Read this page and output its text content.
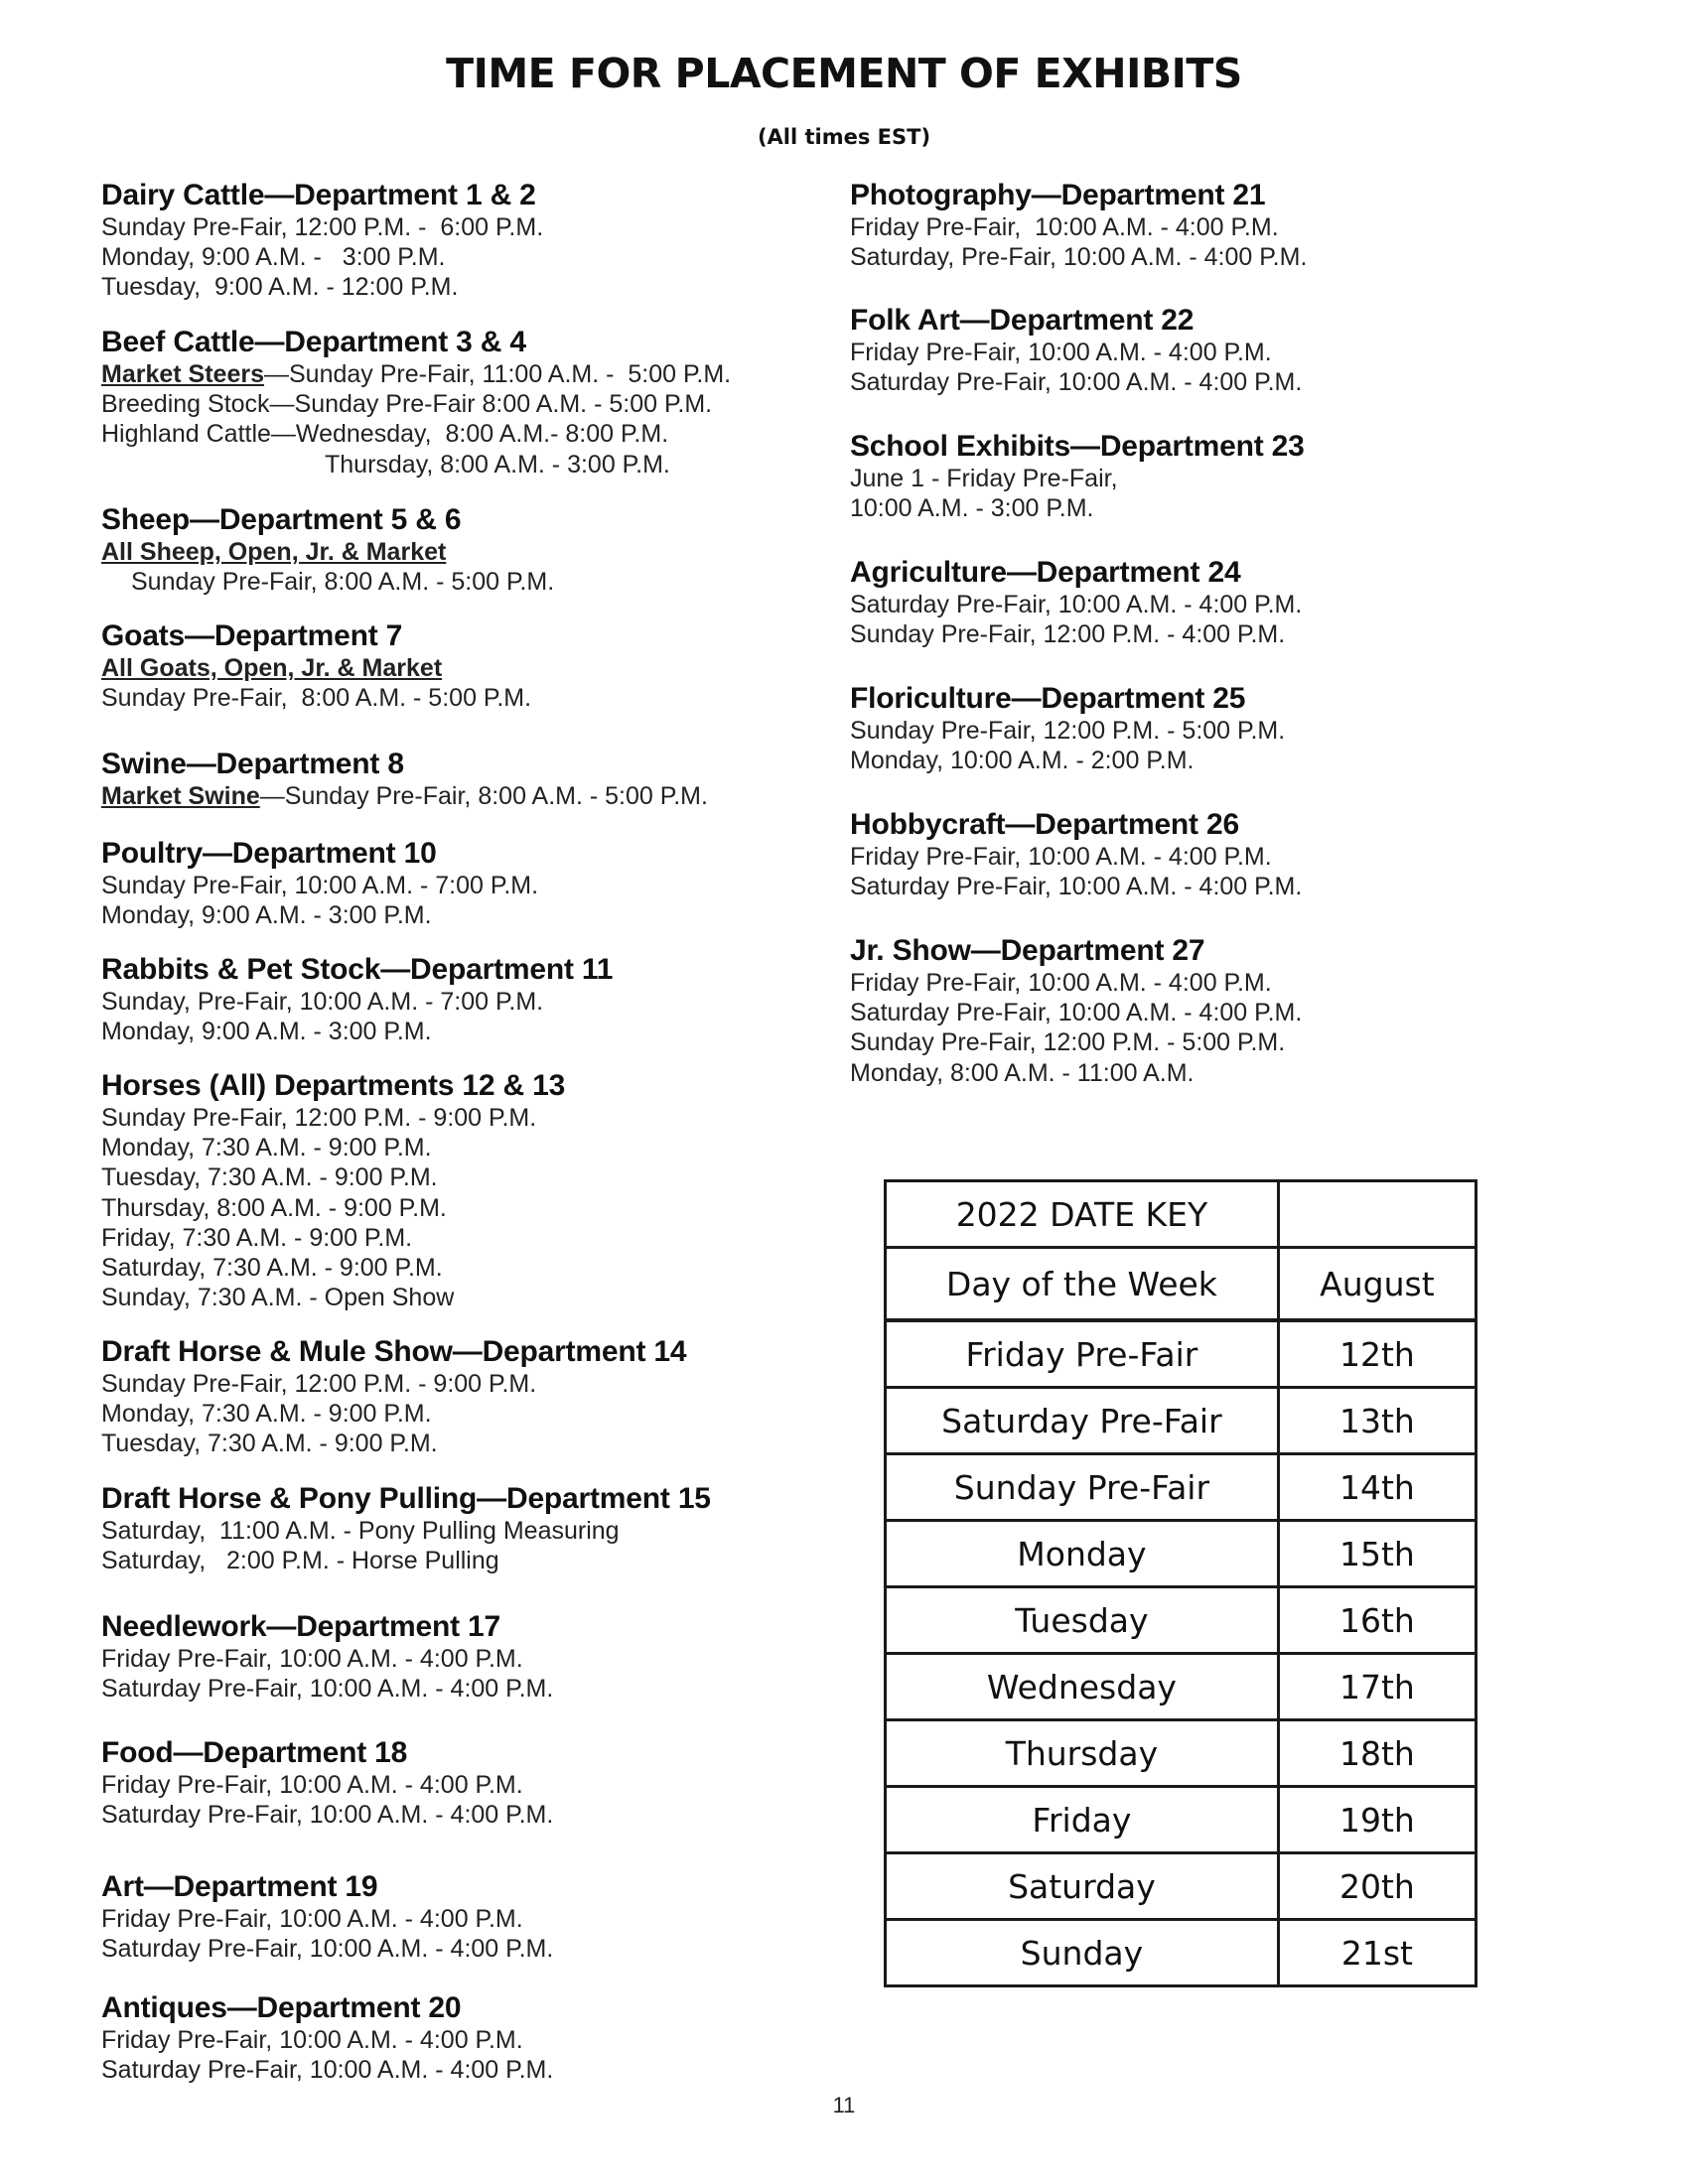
TIME FOR PLACEMENT OF EXHIBITS
(All times EST)
Dairy Cattle—Department 1 & 2
Sunday Pre-Fair, 12:00 P.M. -  6:00 P.M.
Monday, 9:00 A.M. -   3:00 P.M.
Tuesday,  9:00 A.M. - 12:00 P.M.
Beef Cattle—Department 3 & 4
Market Steers—Sunday Pre-Fair, 11:00 A.M. -  5:00 P.M.
Breeding Stock—Sunday Pre-Fair 8:00 A.M. - 5:00 P.M.
Highland Cattle—Wednesday,  8:00 A.M.- 8:00 P.M.
Thursday, 8:00 A.M. - 3:00 P.M.
Sheep—Department 5 & 6
All Sheep, Open, Jr. & Market
Sunday Pre-Fair, 8:00 A.M. - 5:00 P.M.
Goats—Department 7
All Goats, Open, Jr. & Market
Sunday Pre-Fair,  8:00 A.M. - 5:00 P.M.
Swine—Department 8
Market Swine—Sunday Pre-Fair, 8:00 A.M. - 5:00 P.M.
Poultry—Department 10
Sunday Pre-Fair, 10:00 A.M. - 7:00 P.M.
Monday, 9:00 A.M. - 3:00 P.M.
Rabbits & Pet Stock—Department 11
Sunday, Pre-Fair, 10:00 A.M. - 7:00 P.M.
Monday, 9:00 A.M. - 3:00 P.M.
Horses (All) Departments 12 & 13
Sunday Pre-Fair, 12:00 P.M. - 9:00 P.M.
Monday, 7:30 A.M. - 9:00 P.M.
Tuesday, 7:30 A.M. - 9:00 P.M.
Thursday, 8:00 A.M. - 9:00 P.M.
Friday, 7:30 A.M. - 9:00 P.M.
Saturday, 7:30 A.M. - 9:00 P.M.
Sunday, 7:30 A.M. - Open Show
Draft Horse & Mule Show—Department 14
Sunday Pre-Fair, 12:00 P.M. - 9:00 P.M.
Monday, 7:30 A.M. - 9:00 P.M.
Tuesday, 7:30 A.M. - 9:00 P.M.
Draft Horse & Pony Pulling—Department 15
Saturday,  11:00 A.M. - Pony Pulling Measuring
Saturday,   2:00 P.M. - Horse Pulling
Needlework—Department 17
Friday Pre-Fair, 10:00 A.M. - 4:00 P.M.
Saturday Pre-Fair, 10:00 A.M. - 4:00 P.M.
Food—Department 18
Friday Pre-Fair, 10:00 A.M. - 4:00 P.M.
Saturday Pre-Fair, 10:00 A.M. - 4:00 P.M.
Art—Department 19
Friday Pre-Fair, 10:00 A.M. - 4:00 P.M.
Saturday Pre-Fair, 10:00 A.M. - 4:00 P.M.
Antiques—Department 20
Friday Pre-Fair, 10:00 A.M. - 4:00 P.M.
Saturday Pre-Fair, 10:00 A.M. - 4:00 P.M.
Photography—Department 21
Friday Pre-Fair,  10:00 A.M. - 4:00 P.M.
Saturday, Pre-Fair, 10:00 A.M. - 4:00 P.M.
Folk Art—Department 22
Friday Pre-Fair, 10:00 A.M. - 4:00 P.M.
Saturday Pre-Fair, 10:00 A.M. - 4:00 P.M.
School Exhibits—Department 23
June 1 - Friday Pre-Fair,
10:00 A.M. - 3:00 P.M.
Agriculture—Department 24
Saturday Pre-Fair, 10:00 A.M. - 4:00 P.M.
Sunday Pre-Fair, 12:00 P.M. - 4:00 P.M.
Floriculture—Department 25
Sunday Pre-Fair, 12:00 P.M. - 5:00 P.M.
Monday, 10:00 A.M. - 2:00 P.M.
Hobbycraft—Department 26
Friday Pre-Fair, 10:00 A.M. - 4:00 P.M.
Saturday Pre-Fair, 10:00 A.M. - 4:00 P.M.
Jr. Show—Department 27
Friday Pre-Fair, 10:00 A.M. - 4:00 P.M.
Saturday Pre-Fair, 10:00 A.M. - 4:00 P.M.
Sunday Pre-Fair, 12:00 P.M. - 5:00 P.M.
Monday, 8:00 A.M. - 11:00 A.M.
2022 DATE KEY	
Day of the Week	August
Friday Pre-Fair	12th
Saturday Pre-Fair	13th
Sunday Pre-Fair	14th
Monday	15th
Tuesday	16th
Wednesday	17th
Thursday	18th
Friday	19th
Saturday	20th
Sunday	21st
11
